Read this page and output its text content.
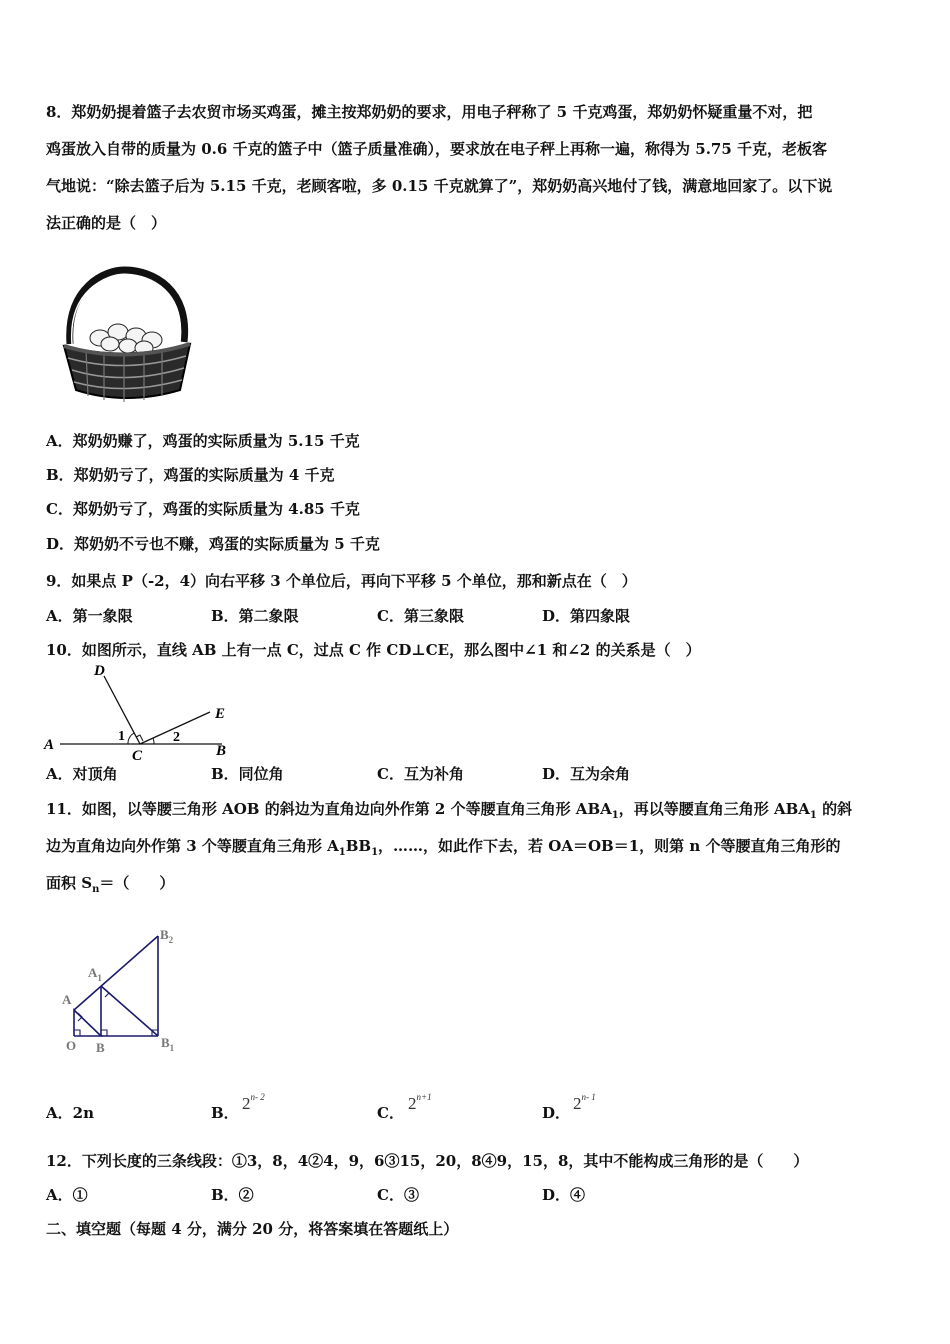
8．郑奶奶提着篮子去农贸市场买鸡蛋，摊主按郑奶奶的要求，用电子秤称了 5 千克鸡蛋，郑奶奶怀疑重量不对，把
鸡蛋放入自带的质量为 0.6 千克的篮子中（篮子质量准确），要求放在电子秤上再称一遍，称得为 5.75 千克，老板客
气地说：“除去篮子后为 5.15 千克，老顾客啦，多 0.15 千克就算了”，郑奶奶高兴地付了钱，满意地回家了。以下说
法正确的是（　）
A．郑奶奶赚了，鸡蛋的实际质量为 5.15 千克
B．郑奶奶亏了，鸡蛋的实际质量为 4 千克
C．郑奶奶亏了，鸡蛋的实际质量为 4.85 千克
D．郑奶奶不亏也不赚，鸡蛋的实际质量为 5 千克
9．如果点 P（-2，4）向右平移 3 个单位后，再向下平移 5 个单位，那和新点在（　）
A．第一象限	B．第二象限	C．第三象限	D．第四象限
10．如图所示，直线 AB 上有一点 C，过点 C 作 CD⊥CE，那么图中∠1 和∠2 的关系是（　）
A	B
C
D
E
1	2
A．对顶角	B．同位角	C．互为补角	D．互为余角
11．如图，以等腰三角形 AOB 的斜边为直角边向外作第 2 个等腰直角三角形 $ABA_1$，再以等腰直角三角形 $ABA_1$ 的斜
边为直角边向外作第 3 个等腰直角三角形 $A_1BB_1$，……，如此作下去，若 OA＝OB＝1，则第 n 个等腰直角三角形的
面积 $S_n=$（　　）
O B
A
$A_1$
$B_1$
$B_2$
A．2n	B． 2$^{n- 2}$
C． $2^{n+1}$
D． 2$^{n- 1}$
12．下列长度的三条线段：①3，8，4②4，9，6③15，20，8④9，15，8，其中不能构成三角形的是（　　）
A．①	B．②	C．③	D．④
二、填空题（每题 4 分，满分 20 分，将答案填在答题纸上）
